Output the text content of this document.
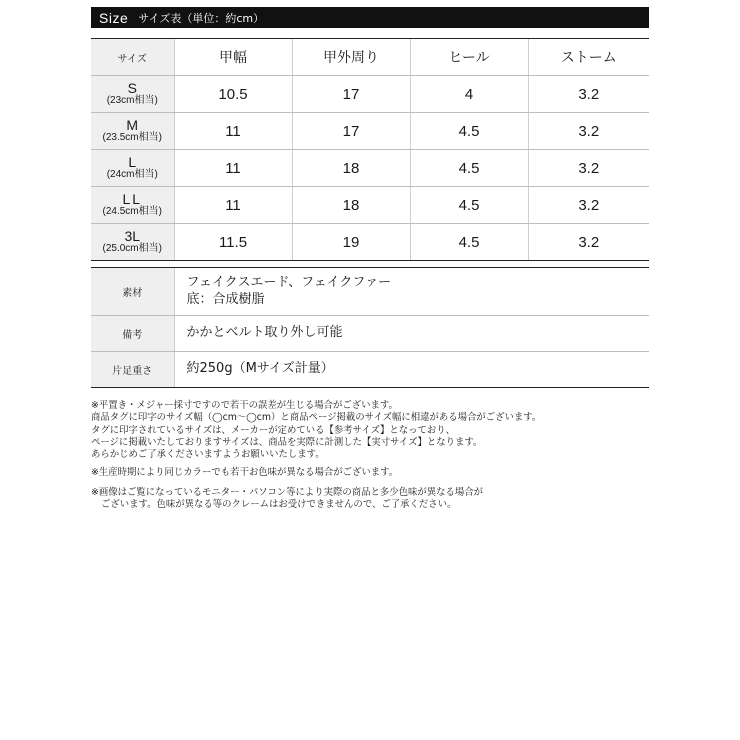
Size サイズ表（単位：約cm）
サイズ	甲幅	甲外周り	ヒール	ストーム

S
(23cm相当)	10.5	17	4	3.2

M
(23.5cm相当)	11	17	4.5	3.2

L
(24cm相当)	11	18	4.5	3.2

LL
(24.5cm相当)	11	18	4.5	3.2

3L
(25.0cm相当)	11.5	19	4.5	3.2
素材	フェイクスエード、フェイクファー
底：合成樹脂

備考	かかとベルト取り外し可能
片足重さ	約250g（Mサイズ計量）

※平置き・メジャー採寸ですので若干の誤差が生じる場合がございます。

商品タグに印字のサイズ幅（◯cm〜◯cm）と商品ページ掲載のサイズ幅に相違がある場合がございます。

タグに印字されているサイズは、メーカーが定めている【参考サイズ】となっており、

ページに掲載いたしておりますサイズは、商品を実際に計測した【実寸サイズ】となります。

あらかじめご了承くださいますようお願いいたします。

※生産時期により同じカラーでも若干お色味が異なる場合がございます。

※画像はご覧になっているモニター・パソコン等により実際の商品と多少色味が異なる場合が

ございます。色味が異なる等のクレームはお受けできませんので、ご了承ください。
